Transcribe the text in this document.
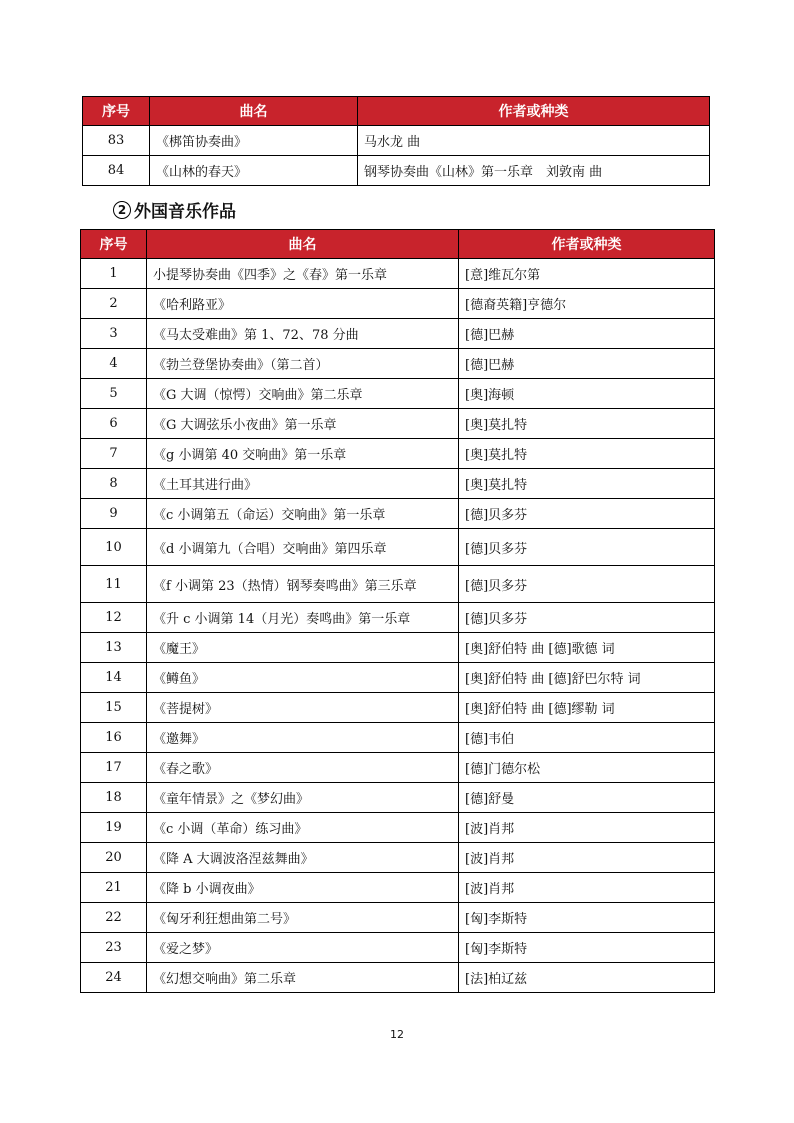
序号	曲名	作者或种类
83	《梆笛协奏曲》	马水龙 曲
84	《山林的春天》	钢琴协奏曲《山林》第一乐章　刘敦南 曲
2 外国音乐作品
序号	曲名	作者或种类
1	小提琴协奏曲《四季》之《春》第一乐章	[意]维瓦尔第
2	《哈利路亚》	[德裔英籍]亨德尔
3	《马太受难曲》第 1、72、78 分曲	[德]巴赫
4	《勃兰登堡协奏曲》（第二首）	[德]巴赫
5	《G 大调（惊愕）交响曲》第二乐章	[奥]海顿
6	《G 大调弦乐小夜曲》第一乐章	[奥]莫扎特
7	《g 小调第 40 交响曲》第一乐章	[奥]莫扎特
8	《土耳其进行曲》	[奥]莫扎特
9	《c 小调第五（命运）交响曲》第一乐章	[德]贝多芬
10	《d 小调第九（合唱）交响曲》第四乐章	[德]贝多芬
11	《f 小调第 23（热情）钢琴奏鸣曲》第三乐章	[德]贝多芬
12	《升 c 小调第 14（月光）奏鸣曲》第一乐章	[德]贝多芬
13	《魔王》	[奥]舒伯特 曲 [德]歌德 词
14	《鳟鱼》	[奥]舒伯特 曲 [德]舒巴尔特 词
15	《菩提树》	[奥]舒伯特 曲 [德]缪勒 词
16	《邀舞》	[德]韦伯
17	《春之歌》	[德]门德尔松
18	《童年情景》之《梦幻曲》	[德]舒曼
19	《c 小调（革命）练习曲》	[波]肖邦
20	《降 A 大调波洛涅兹舞曲》	[波]肖邦
21	《降 b 小调夜曲》	[波]肖邦
22	《匈牙利狂想曲第二号》	[匈]李斯特
23	《爱之梦》	[匈]李斯特
24	《幻想交响曲》第二乐章	[法]柏辽兹
12
